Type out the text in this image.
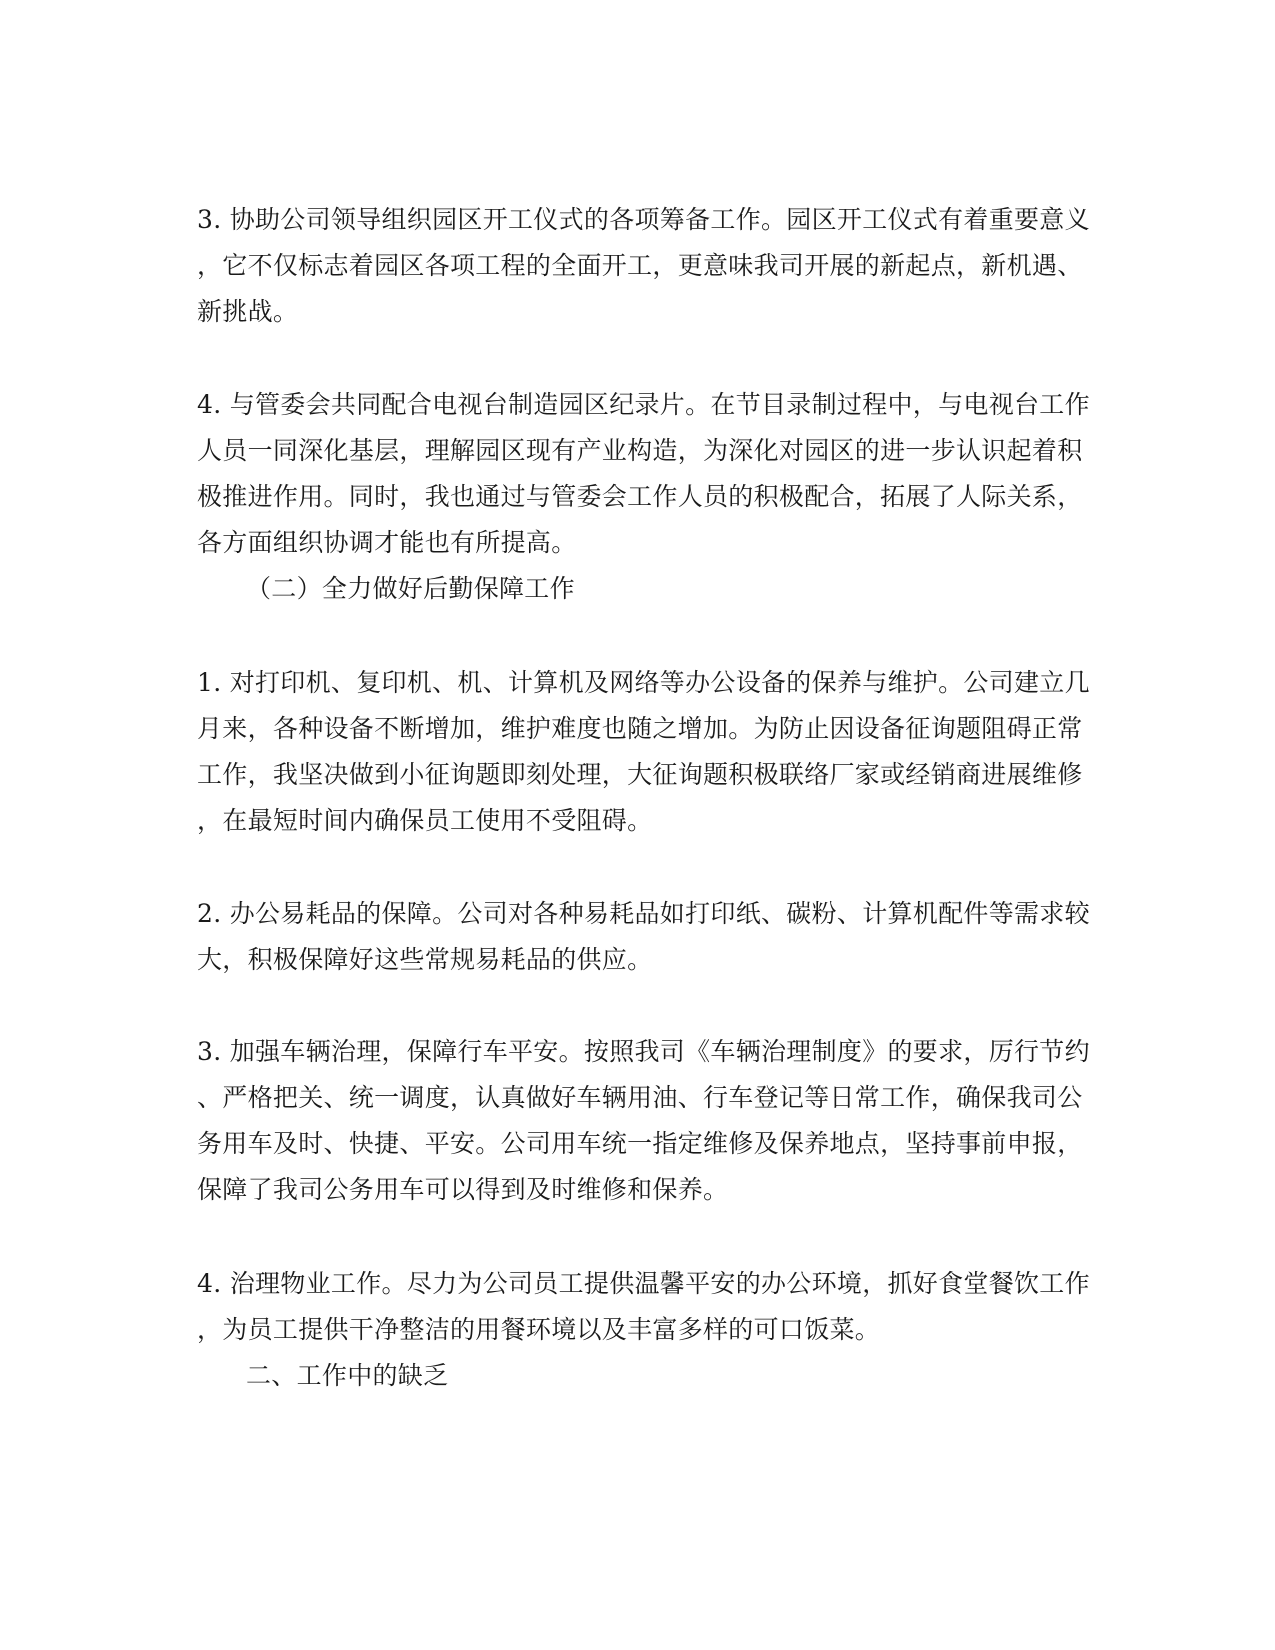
3. 协助公司领导组织园区开工仪式的各项筹备工作。园区开工仪式有着重要意义
，它不仅标志着园区各项工程的全面开工，更意味我司开展的新起点，新机遇、
新挑战。
4. 与管委会共同配合电视台制造园区纪录片。在节目录制过程中，与电视台工作
人员一同深化基层，理解园区现有产业构造，为深化对园区的进一步认识起着积
极推进作用。同时，我也通过与管委会工作人员的积极配合，拓展了人际关系，
各方面组织协调才能也有所提高。
（二）全力做好后勤保障工作
1. 对打印机、复印机、机、计算机及网络等办公设备的保养与维护。公司建立几
月来，各种设备不断增加，维护难度也随之增加。为防止因设备征询题阻碍正常
工作，我坚决做到小征询题即刻处理，大征询题积极联络厂家或经销商进展维修
，在最短时间内确保员工使用不受阻碍。
2. 办公易耗品的保障。公司对各种易耗品如打印纸、碳粉、计算机配件等需求较
大，积极保障好这些常规易耗品的供应。
3. 加强车辆治理，保障行车平安。按照我司《车辆治理制度》的要求，厉行节约
、严格把关、统一调度，认真做好车辆用油、行车登记等日常工作，确保我司公
务用车及时、快捷、平安。公司用车统一指定维修及保养地点，坚持事前申报，
保障了我司公务用车可以得到及时维修和保养。
4. 治理物业工作。尽力为公司员工提供温馨平安的办公环境，抓好食堂餐饮工作
，为员工提供干净整洁的用餐环境以及丰富多样的可口饭菜。
二、工作中的缺乏
